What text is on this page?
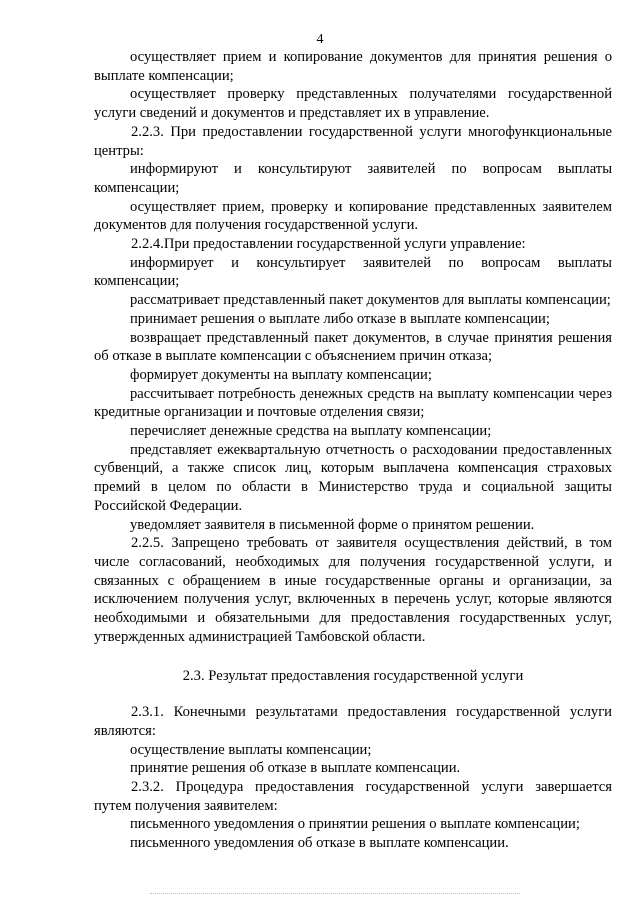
4

осуществляет прием и копирование документов для принятия решения о выплате компенсации;

осуществляет проверку представленных получателями государственной услуги сведений и документов и представляет их в управление.

2.2.3. При предоставлении государственной услуги многофункциональные центры:

информируют и консультируют заявителей по вопросам выплаты компенсации;

осуществляет прием, проверку и копирование представленных заявителем документов для получения государственной услуги.

2.2.4.При предоставлении государственной услуги управление:

информирует и консультирует заявителей по вопросам выплаты компенсации;

рассматривает представленный пакет документов для выплаты компенсации;

принимает решения о выплате либо отказе в выплате компенсации;

возвращает представленный пакет документов, в случае принятия решения об отказе в выплате компенсации с объяснением причин отказа;

формирует документы на выплату компенсации;

рассчитывает потребность денежных средств на выплату компенсации через кредитные организации и почтовые отделения связи;

перечисляет денежные средства на выплату компенсации;

представляет ежеквартальную отчетность о расходовании предоставленных субвенций, а также список лиц, которым выплачена компенсация страховых премий в целом по области в Министерство труда и социальной защиты Российской Федерации.

уведомляет заявителя в письменной форме о принятом решении.

2.2.5. Запрещено требовать от заявителя осуществления действий, в том числе согласований, необходимых для получения государственной услуги, и связанных с обращением в иные государственные органы и организации, за исключением получения услуг, включенных в перечень услуг, которые являются необходимыми и обязательными для предоставления государственных услуг, утвержденных администрацией Тамбовской области.

2.3. Результат предоставления государственной услуги

2.3.1. Конечными результатами предоставления государственной услуги являются:

осуществление выплаты компенсации;

принятие решения об отказе в выплате компенсации.

2.3.2. Процедура предоставления государственной услуги завершается путем получения заявителем:

письменного уведомления о принятии решения о выплате компенсации;

письменного уведомления об отказе в выплате компенсации.
